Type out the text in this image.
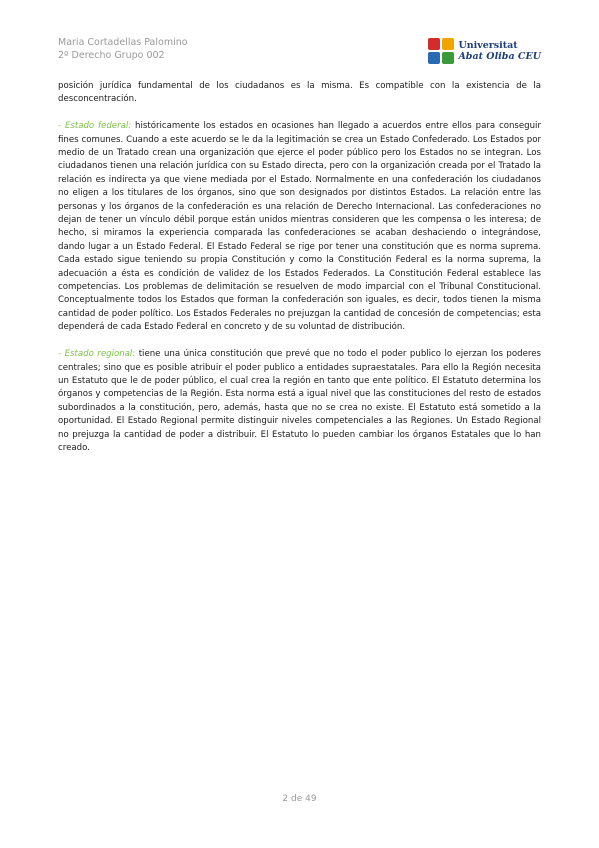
Maria Cortadellas Palomino
2º Derecho Grupo 002
Universitat
Abat Oliba CEU

posición jurídica fundamental de los ciudadanos es la misma. Es compatible con la existencia de la desconcentración.

- Estado federal: históricamente los estados en ocasiones han llegado a acuerdos entre ellos para conseguir fines comunes. Cuando a este acuerdo se le da la legitimación se crea un Estado Confederado. Los Estados por medio de un Tratado crean una organización que ejerce el poder público pero los Estados no se integran. Los ciudadanos tienen una relación jurídica con su Estado directa, pero con la organización creada por el Tratado la relación es indirecta ya que viene mediada por el Estado. Normalmente en una confederación los ciudadanos no eligen a los titulares de los órganos, sino que son designados por distintos Estados. La relación entre las personas y los órganos de la confederación es una relación de Derecho Internacional. Las confederaciones no dejan de tener un vínculo débil porque están unidos mientras consideren que les compensa o les interesa; de hecho, si miramos la experiencia comparada las confederaciones se acaban deshaciendo o integrándose, dando lugar a un Estado Federal. El Estado Federal se rige por tener una constitución que es norma suprema. Cada estado sigue teniendo su propia Constitución y como la Constitución Federal es la norma suprema, la adecuación a ésta es condición de validez de los Estados Federados. La Constitución Federal establece las competencias. Los problemas de delimitación se resuelven de modo imparcial con el Tribunal Constitucional. Conceptualmente todos los Estados que forman la confederación son iguales, es decir, todos tienen la misma cantidad de poder político. Los Estados Federales no prejuzgan la cantidad de concesión de competencias; esta dependerá de cada Estado Federal en concreto y de su voluntad de distribución.

- Estado regional: tiene una única constitución que prevé que no todo el poder publico lo ejerzan los poderes centrales; sino que es posible atribuir el poder publico a entidades supraestatales. Para ello la Región necesita un Estatuto que le de poder público, el cual crea la región en tanto que ente político. El Estatuto determina los órganos y competencias de la Región. Esta norma está a igual nivel que las constituciones del resto de estados subordinados a la constitución, pero, además, hasta que no se crea no existe. El Estatuto está sometido a la oportunidad. El Estado Regional permite distinguir niveles competenciales a las Regiones. Un Estado Regional no prejuzga la cantidad de poder a distribuir. El Estatuto lo pueden cambiar los órganos Estatales que lo han creado.

2 de 49
